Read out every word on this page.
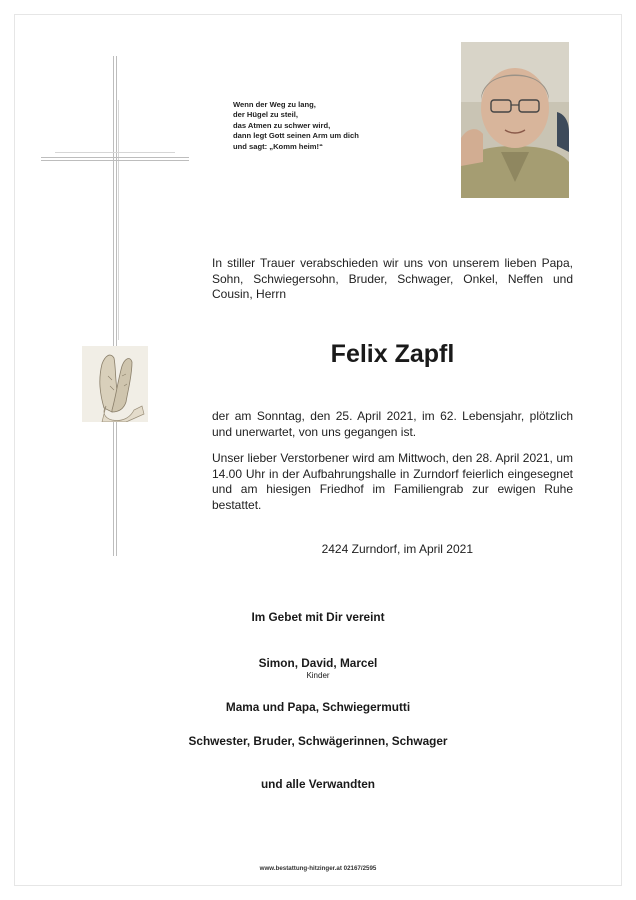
Wenn der Weg zu lang,
der Hügel zu steil,
das Atmen zu schwer wird,
dann legt Gott seinen Arm um dich
und sagt: „Komm heim!“
In stiller Trauer verabschieden wir uns von unserem lieben Papa, Sohn, Schwiegersohn, Bruder, Schwager, Onkel, Neffen und Cousin, Herrn
Felix Zapfl
der am Sonntag, den 25. April 2021, im 62. Lebensjahr, plötzlich und unerwartet, von uns gegangen ist.
Unser lieber Verstorbener wird am Mittwoch, den 28. April 2021, um 14.00 Uhr in der Aufbahrungshalle in Zurndorf feierlich eingesegnet und am hiesigen Friedhof im Familiengrab zur ewigen Ruhe bestattet.
2424 Zurndorf, im April 2021
Im Gebet mit Dir vereint
Simon, David, Marcel
Kinder
Mama und Papa, Schwiegermutti
Schwester, Bruder, Schwägerinnen, Schwager
und alle Verwandten
www.bestattung-hitzinger.at 02167/2595
